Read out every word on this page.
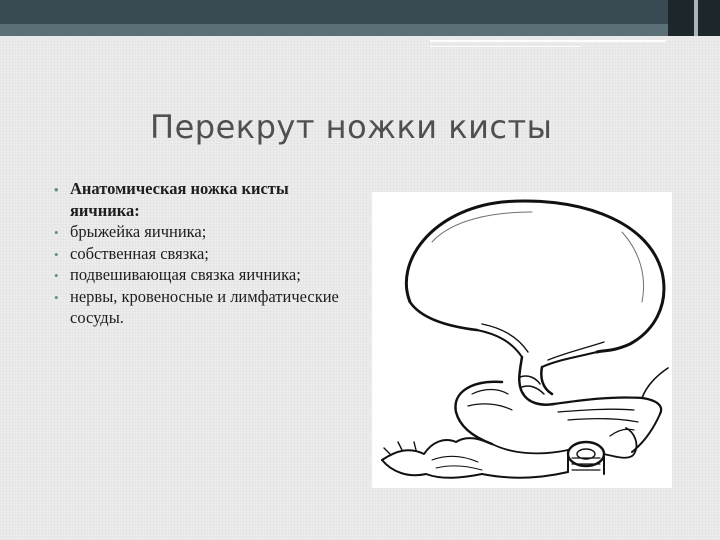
Перекрут ножки кисты
• Анатомическая ножка кисты яичника:
• брыжейка яичника;
• собственная связка;
• подвешивающая связка яичника;
• нервы, кровеносные и лимфатические сосуды.
